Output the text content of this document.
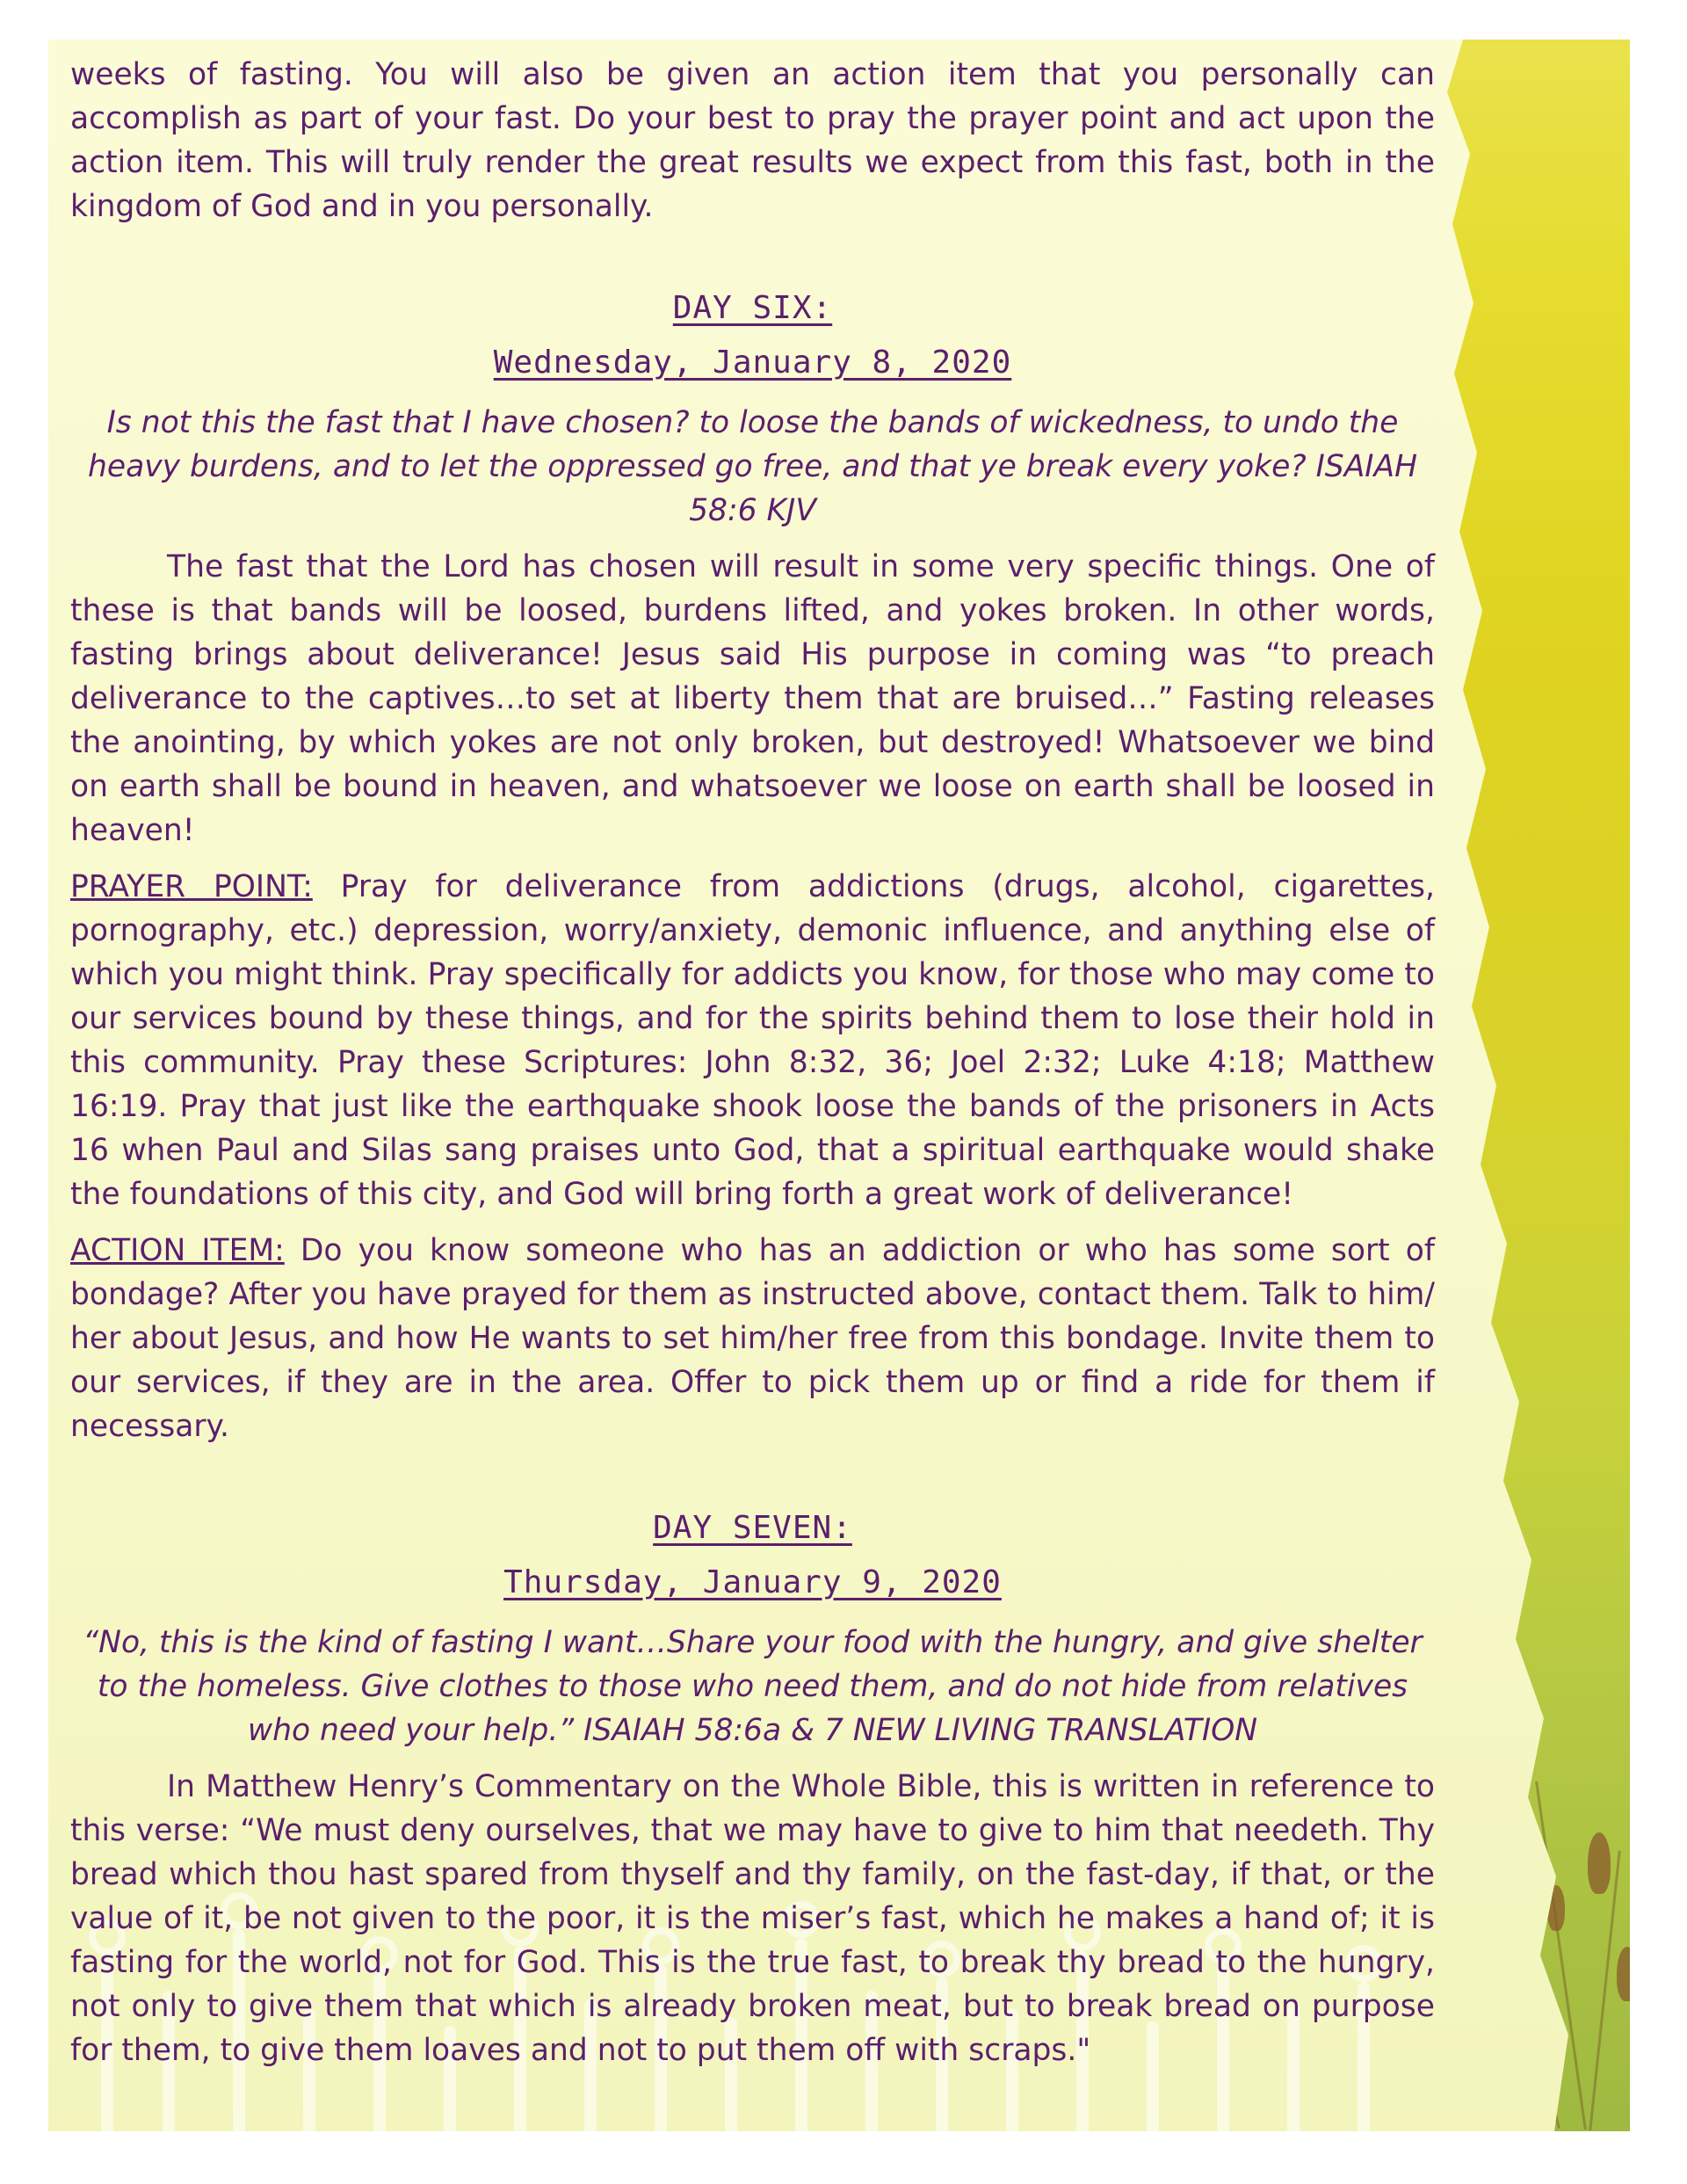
weeks of fasting. You will also be given an action item that you personally can accomplish as part of your fast. Do your best to pray the prayer point and act upon the action item. This will truly render the great results we expect from this fast, both in the kingdom of God and in you personally.

DAY SIX:
Wednesday, January 8, 2020
Is not this the fast that I have chosen? to loose the bands of wickedness, to undo the heavy burdens, and to let the oppressed go free, and that ye break every yoke? ISAIAH 58:6 KJV

The fast that the Lord has chosen will result in some very specific things. One of these is that bands will be loosed, burdens lifted, and yokes broken. In other words, fasting brings about deliverance! Jesus said His purpose in coming was “to preach deliverance to the captives…to set at liberty them that are bruised…” Fasting releases the anointing, by which yokes are not only broken, but destroyed! Whatsoever we bind on earth shall be bound in heaven, and whatsoever we loose on earth shall be loosed in heaven!

PRAYER POINT: Pray for deliverance from addictions (drugs, alcohol, cigarettes, pornography, etc.) depression, worry/anxiety, demonic influence, and anything else of which you might think. Pray specifically for addicts you know, for those who may come to our services bound by these things, and for the spirits behind them to lose their hold in this community. Pray these Scriptures: John 8:32, 36; Joel 2:32; Luke 4:18; Matthew 16:19. Pray that just like the earthquake shook loose the bands of the prisoners in Acts 16 when Paul and Silas sang praises unto God, that a spiritual earthquake would shake the foundations of this city, and God will bring forth a great work of deliverance!

ACTION ITEM: Do you know someone who has an addiction or who has some sort of bondage? After you have prayed for them as instructed above, contact them. Talk to him/ her about Jesus, and how He wants to set him/her free from this bondage. Invite them to our services, if they are in the area. Offer to pick them up or find a ride for them if necessary.

DAY SEVEN:
Thursday, January 9, 2020
“No, this is the kind of fasting I want…Share your food with the hungry, and give shelter to the homeless. Give clothes to those who need them, and do not hide from relatives who need your help.” ISAIAH 58:6a & 7 NEW LIVING TRANSLATION

In Matthew Henry’s Commentary on the Whole Bible, this is written in reference to this verse: “We must deny ourselves, that we may have to give to him that needeth. Thy bread which thou hast spared from thyself and thy family, on the fast-day, if that, or the value of it, be not given to the poor, it is the miser’s fast, which he makes a hand of; it is fasting for the world, not for God. This is the true fast, to break thy bread to the hungry, not only to give them that which is already broken meat, but to break bread on purpose for them, to give them loaves and not to put them off with scraps."
